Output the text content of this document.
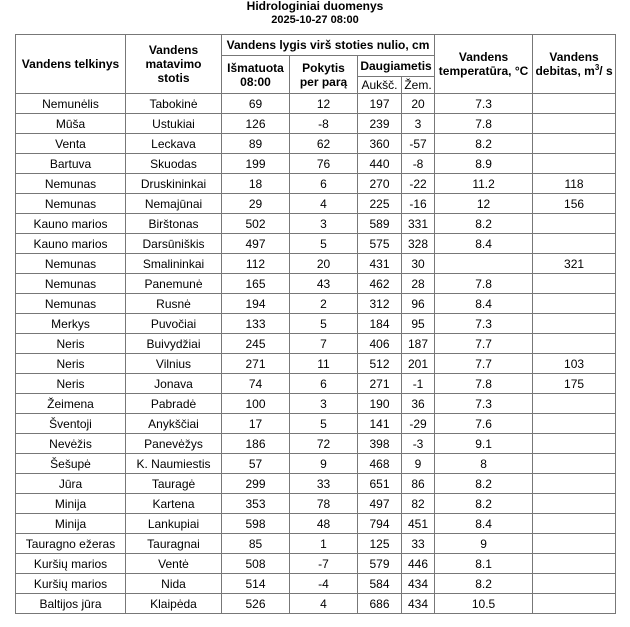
Hidrologiniai duomenys
2025-10-27 08:00
Vandens telkinys	Vandens matavimo stotis	Vandens lygis virš stoties nulio, cm				Vandens temperatūra, °C	Vandens debitas, $m^3/$ s
		Išmatuota 08:00	Pokytis per parą	Daugiametis			
				Aukšč.	Žem.		
Nemunėlis	Tabokinė	69	12	197	20	7.3	
Mūša	Ustukiai	126	-8	239	3	7.8	
Venta	Leckava	89	62	360	-57	8.2	
Bartuva	Skuodas	199	76	440	-8	8.9	
Nemunas	Druskininkai	18	6	270	-22	11.2	118
Nemunas	Nemajūnai	29	4	225	-16	12	156
Kauno marios	Birštonas	502	3	589	331	8.2	
Kauno marios	Darsūniškis	497	5	575	328	8.4	
Nemunas	Smalininkai	112	20	431	30		321
Nemunas	Panemunė	165	43	462	28	7.8	
Nemunas	Rusnė	194	2	312	96	8.4	
Merkys	Puvočiai	133	5	184	95	7.3	
Neris	Buivydžiai	245	7	406	187	7.7	
Neris	Vilnius	271	11	512	201	7.7	103
Neris	Jonava	74	6	271	-1	7.8	175
Žeimena	Pabradė	100	3	190	36	7.3	
Šventoji	Anykščiai	17	5	141	-29	7.6	
Nevėžis	Panevėžys	186	72	398	-3	9.1	
Šešupė	K. Naumiestis	57	9	468	9	8	
Jūra	Tauragė	299	33	651	86	8.2	
Minija	Kartena	353	78	497	82	8.2	
Minija	Lankupiai	598	48	794	451	8.4	
Tauragno ežeras	Tauragnai	85	1	125	33	9	
Kuršių marios	Ventė	508	-7	579	446	8.1	
Kuršių marios	Nida	514	-4	584	434	8.2	
Baltijos jūra	Klaipėda	526	4	686	434	10.5	
